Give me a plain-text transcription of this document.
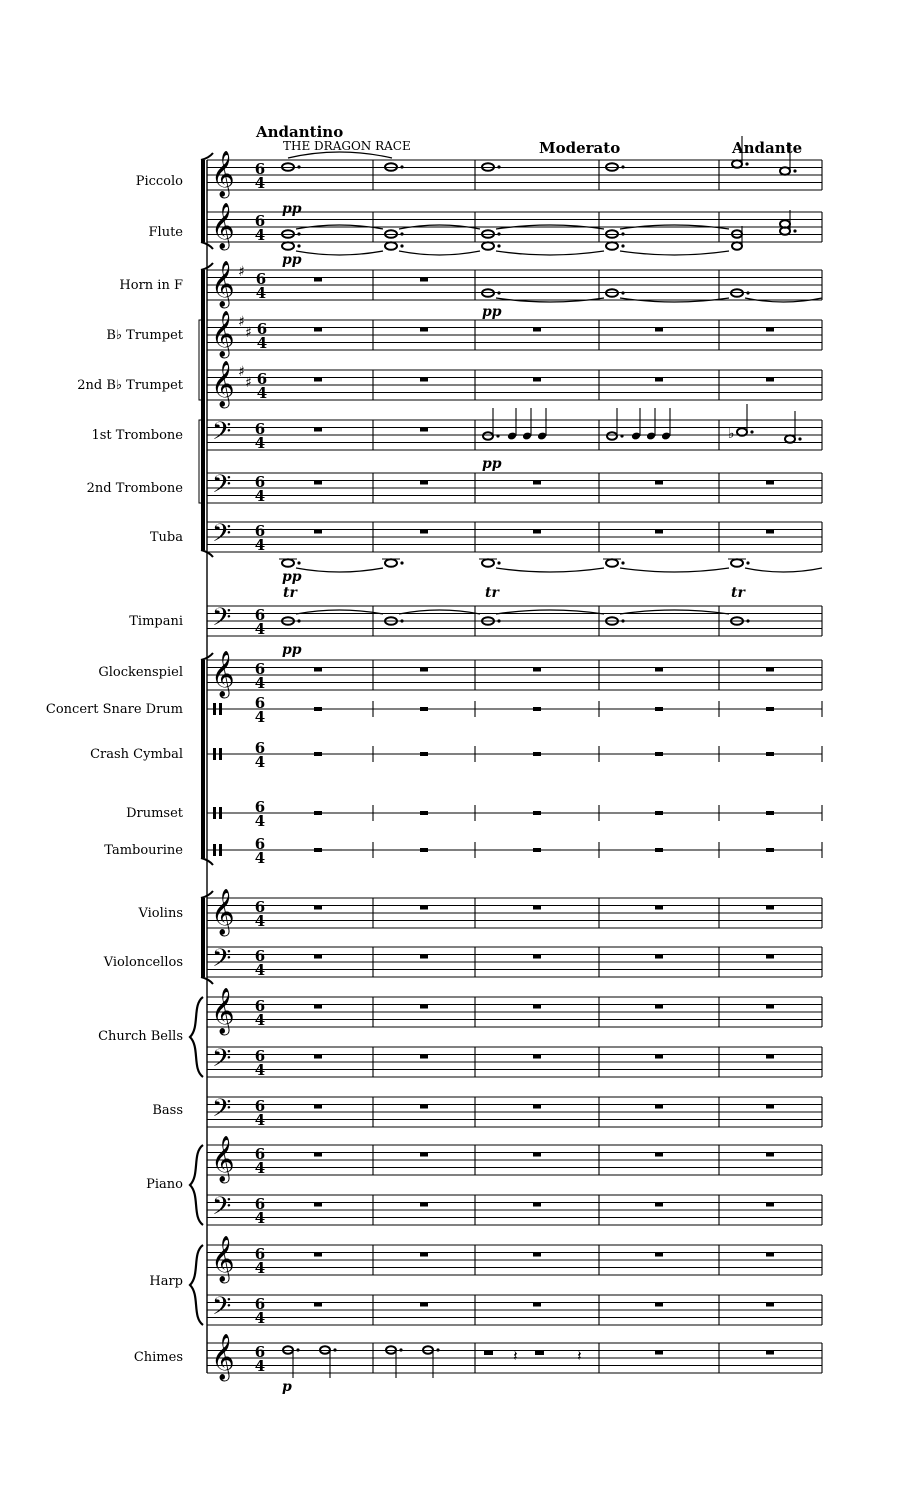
𝄞
𝄞
𝄞 ♯
𝄞 ♯
♯
𝄞 ♯
♯
𝄢
𝄢
𝄢
𝄢
𝄞
𝄞
𝄢
𝄞
𝄢
𝄢
𝄞
𝄢
𝄞
𝄢
𝄞
6
4
6
4
6
4
6
4
6
4
6
4
6
4
6
4
6
4
6
4
6
4
6
4
6
4
6
4
6
4
6
4
6
4
6
4
6
4
6
4
6
4
6
4
6
4
6
4
♭
𝄽	𝄽
Andantino
THE DRAGON RACE	Moderato	Andante
Piccolo
Flute
Horn in F
B♭ Trumpet
2nd B♭ Trumpet
1st Trombone
2nd Trombone
Tuba
Timpani
Glockenspiel
Concert Snare Drum
Crash Cymbal
Drumset
Tambourine
Violins
Violoncellos
Church Bells
Bass
Piano
Harp
Chimes
pp
pp
pp
pp
pp
tr	tr	tr
pp
p
